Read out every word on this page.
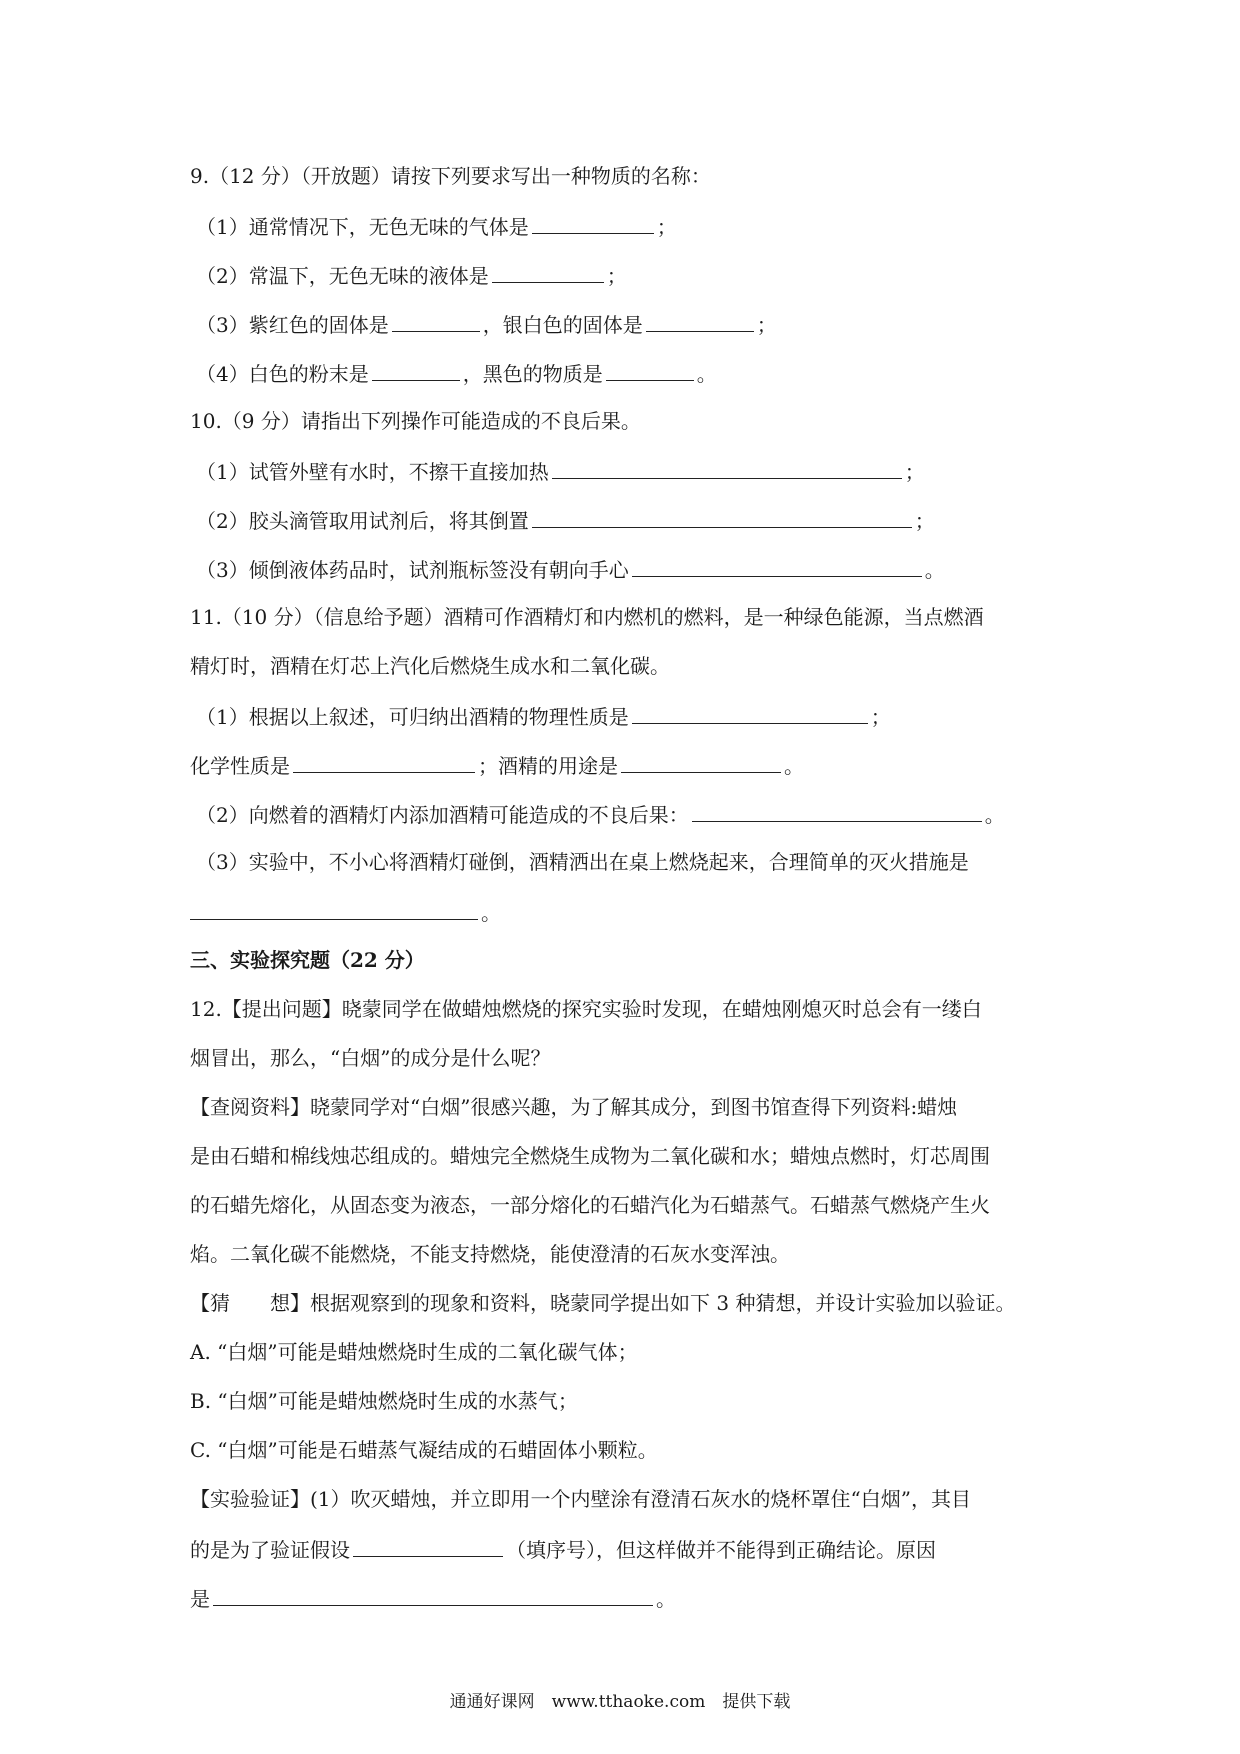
9.（12 分）（开放题）请按下列要求写出一种物质的名称：
（1）通常情况下，无色无味的气体是	；
（2）常温下，无色无味的液体是	；
（3）紫红色的固体是	，银白色的固体是	；
（4）白色的粉末是	，黑色的物质是	。
10.（9 分）请指出下列操作可能造成的不良后果。
（1）试管外壁有水时，不擦干直接加热	；
（2）胶头滴管取用试剂后，将其倒置	；
（3）倾倒液体药品时，试剂瓶标签没有朝向手心	。
11.（10 分）（信息给予题）酒精可作酒精灯和内燃机的燃料，是一种绿色能源，当点燃酒
精灯时，酒精在灯芯上汽化后燃烧生成水和二氧化碳。
（1）根据以上叙述，可归纳出酒精的物理性质是	；
化学性质是	；酒精的用途是	。
（2）向燃着的酒精灯内添加酒精可能造成的不良后果：	。
（3）实验中，不小心将酒精灯碰倒，酒精洒出在桌上燃烧起来，合理简单的灭火措施是
。
三、实验探究题（22 分）
12.【提出问题】晓蒙同学在做蜡烛燃烧的探究实验时发现，在蜡烛刚熄灭时总会有一缕白
烟冒出，那么，“白烟”的成分是什么呢？
【查阅资料】晓蒙同学对“白烟”很感兴趣，为了解其成分，到图书馆查得下列资料:蜡烛
是由石蜡和棉线烛芯组成的。蜡烛完全燃烧生成物为二氧化碳和水；蜡烛点燃时，灯芯周围
的石蜡先熔化，从固态变为液态，一部分熔化的石蜡汽化为石蜡蒸气。石蜡蒸气燃烧产生火
焰。二氧化碳不能燃烧，不能支持燃烧，能使澄清的石灰水变浑浊。
【猜　　想】根据观察到的现象和资料，晓蒙同学提出如下 3 种猜想，并设计实验加以验证。
A. “白烟”可能是蜡烛燃烧时生成的二氧化碳气体；
B. “白烟”可能是蜡烛燃烧时生成的水蒸气；
C. “白烟”可能是石蜡蒸气凝结成的石蜡固体小颗粒。
【实验验证】(1）吹灭蜡烛，并立即用一个内壁涂有澄清石灰水的烧杯罩住“白烟”，其目
的是为了验证假设	（填序号），但这样做并不能得到正确结论。原因
是	。
通通好课网　www.tthaoke.com　提供下载
